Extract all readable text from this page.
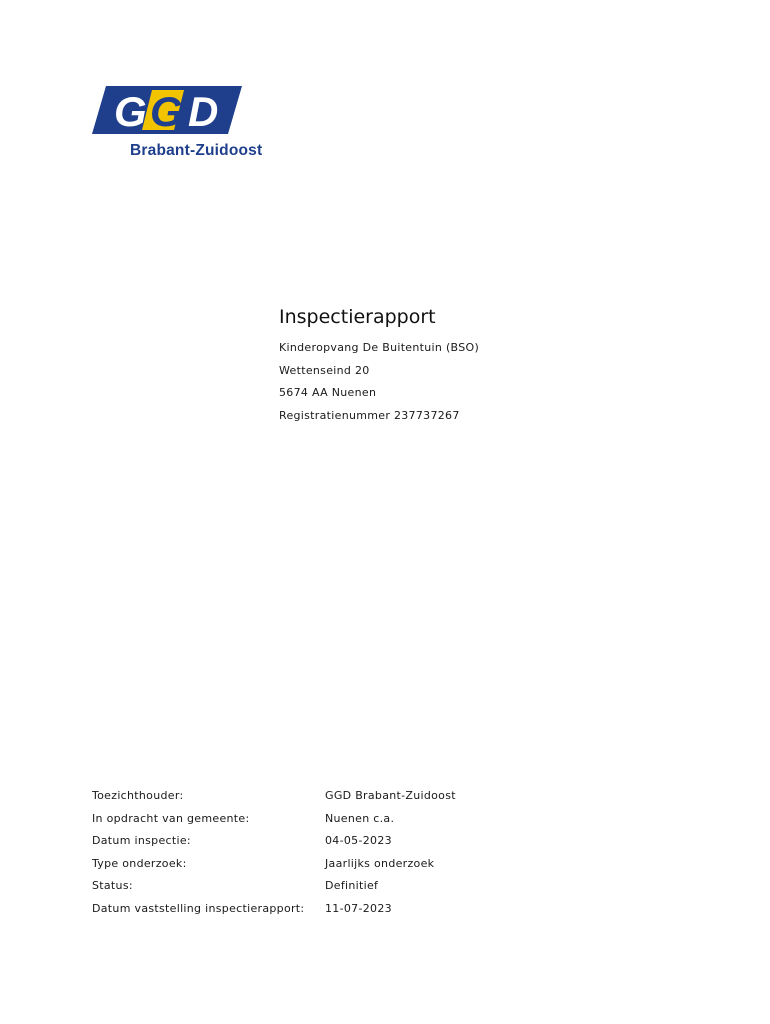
G G D
Brabant-Zuidoost
Inspectierapport

Kinderopvang De Buitentuin (BSO)

Wettenseind 20

5674 AA Nuenen

Registratienummer 237737267

Toezichthouder:	GGD Brabant-Zuidoost
In opdracht van gemeente:	Nuenen c.a.
Datum inspectie:	04-05-2023
Type onderzoek:	Jaarlijks onderzoek
Status:	Definitief
Datum vaststelling inspectierapport:	11-07-2023
